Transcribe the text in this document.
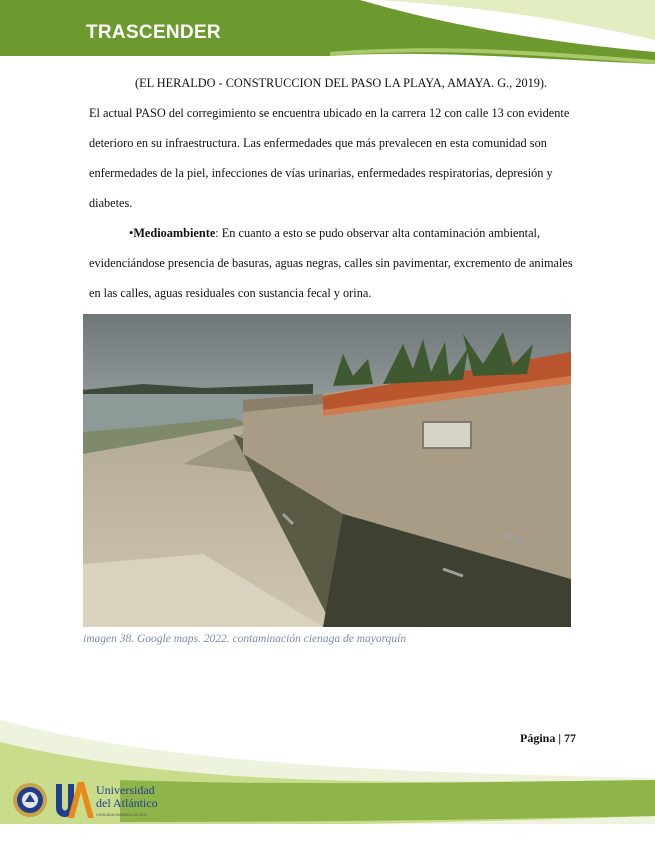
TRASCENDER
(EL HERALDO - CONSTRUCCION DEL PASO LA PLAYA, AMAYA. G., 2019).
El actual PASO del corregimiento se encuentra ubicado en la carrera 12 con calle 13 con evidente deterioro en su infraestructura. Las enfermedades que más prevalecen en esta comunidad son enfermedades de la piel, infecciones de vías urinarias, enfermedades respiratorias, depresión y diabetes.
•Medioambiente: En cuanto a esto se pudo observar alta contaminación ambiental, evidenciándose presencia de basuras, aguas negras, calles sin pavimentar, excremento de animales en las calles, aguas residuales con sustancia fecal y orina.
imagen 38. Google maps. 2022. contaminación cienaga de mayorquín
Página | 77
Universidad
del Atlántico
VIGILADA MINEDUCACIÓN
